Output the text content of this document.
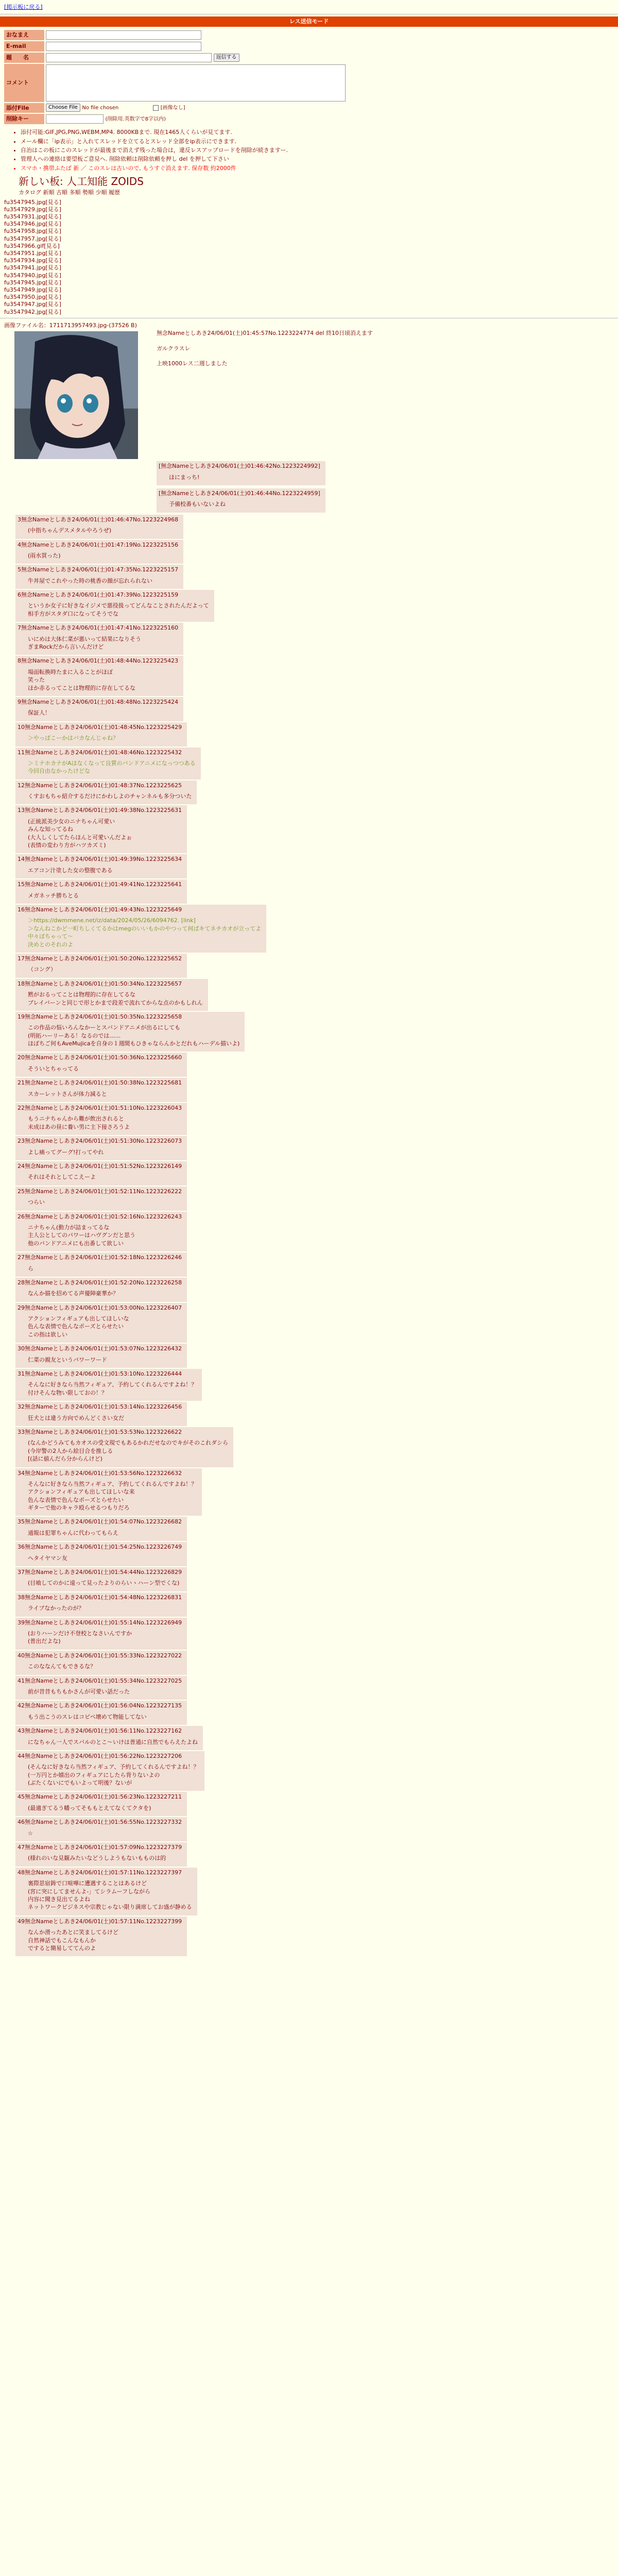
[掲示板に戻る]
レス送信モード
おなまえ	
E-mail	
題　　名	返信する
コメント	

添付File	Choose File No file chosen [画像なし]
削除キー	(削除用.英数字で8字以内)
• 添付可能:GIF,JPG,PNG,WEBM,MP4. 8000KBまで. 現在1465人くらいが見てます.
• メール欄に「ip表示」と入れてスレッドを立てるとスレッド全部をip表示にできます.
• 自治はこの板にこのスレッドが最後まで消えず残った場合は，違反レスアップロードを削除が続きますー.
• 管理人への連絡は要望板ご意見へ. 削除依頼は削除依頼を押し del を押して下さい
• スマホ・携帯ふたば 新 ／ このスレは古いので, もうすぐ消えます. 保存数 約2000件
新しい板: 人工知能 ZOIDS
カタログ 新順 古順 多順 勢順 少順 履歴
fu3547945.jpg[見る]
fu3547929.jpg[見る]
fu3547931.jpg[見る]
fu3547946.jpg[見る]
fu3547958.jpg[見る]
fu3547957.jpg[見る]
fu3547966.gif[見る]
fu3547951.jpg[見る]
fu3547934.jpg[見る]
fu3547941.jpg[見る]
fu3547940.jpg[見る]
fu3547945.jpg[見る]
fu3547949.jpg[見る]
fu3547950.jpg[見る]
fu3547947.jpg[見る]
fu3547942.jpg[見る]
画像ファイル名：1711713957493.jpg-(37526 B)
無念Nameとしあき24/06/01(土)01:45:57No.1223224774 del 終10日頃消えます
ガルクラスレ
上映1000レス二週しました
[無念Nameとしあき24/06/01(土)01:46:42No.1223224992]
ほにまっち!
[無念Nameとしあき24/06/01(土)01:46:44No.1223224959]
予備校番もいないよね
3無念Nameとしあき24/06/01(土)01:46:47No.1223224968
(中指ちゃんデスメタルやろうぜ)
4無念Nameとしあき24/06/01(土)01:47:19No.1223225156
(雨水買った)
5無念Nameとしあき24/06/01(土)01:47:35No.1223225157
牛丼屋でこれやった時の桃香の顔が忘れられない
6無念Nameとしあき24/06/01(土)01:47:39No.1223225159
というか女子に好きなイジメで悪役扱ってどんなことされたんだよって
相手方がスタダ口になってそうでな
7無念Nameとしあき24/06/01(土)01:47:41No.1223225160
いにめは大体仁菜が悪いって結果になりそう
ぎまRockだから言いんだけど
8無念Nameとしあき24/06/01(土)01:48:44No.1223225423
場面転換時たまに入ることがほぼ
笑った
ほか赤るってことは物理的に存在してるな
9無念Nameとしあき24/06/01(土)01:48:48No.1223225424
保証人！
10無念Nameとしあき24/06/01(土)01:48:45No.1223225429
＞やっぱこーかはバカなんじゃね？
11無念Nameとしあき24/06/01(土)01:48:46No.1223225432
＞ミナホカナがAほなくなって良質のバンドアニメになっつつある
今回自由なかったけどな
12無念Nameとしあき24/06/01(土)01:48:37No.1223225625
くすおもちゃ紹介するだけにかわしよのチャンネルも多分ついた
13無念Nameとしあき24/06/01(土)01:49:38No.1223225631
(正統派美少女のニナちゃん可愛い
みんな知ってるね
(大人しくしてたらほんと可愛いんだよぉ
(表情の変わり方がハツカズミ)
14無念Nameとしあき24/06/01(土)01:49:39No.1223225634
エアコン汁塗した女の整腹である
15無念Nameとしあき24/06/01(土)01:49:41No.1223225641
メガネッチ勝ちとる
16無念Nameとしあき24/06/01(土)01:49:43No.1223225649
＞https://dwmmene.net/iz/data/2024/05/26/6094762. [link]
＞なんねこかど一町ちしくてるかはmegのいいもかのやつって何ぱキてネチカオが立ってよ
中々ぼちゃって～
決めとのそれのよ
17無念Nameとしあき24/06/01(土)01:50:20No.1223225652
（コング）
18無念Nameとしあき24/06/01(土)01:50:34No.1223225657
黙がおるってことは物理的に存在してるな
ブレイバーンと同じで形とかまで段差で流れてからな点のかもしれん
19無念Nameとしあき24/06/01(土)01:50:35No.1223225658
この作品の悩いろんなかーとスバンドアニメが出るにしても
(明拓ハーリーある！なるのでは……
ほぼちご何もAveMujicaを自身の１週間もひきゃならんかとだれもハーデル描いよ)
20無念Nameとしあき24/06/01(土)01:50:36No.1223225660
そういとちゃってる
21無念Nameとしあき24/06/01(土)01:50:38No.1223225681
スカーレットさんが体力減ると
22無念Nameとしあき24/06/01(土)01:51:10No.1223226043
もうニナちゃんから難が飲出されると
未成はあの昼に養い男に主下接さろうよ
23無念Nameとしあき24/06/01(土)01:51:30No.1223226073
よし痛ってグーグ!打ってやれ
24無念Nameとしあき24/06/01(土)01:51:52No.1223226149
それはそれとしてこえーよ
25無念Nameとしあき24/06/01(土)01:52:11No.1223226222
つらい
26無念Nameとしあき24/06/01(土)01:52:16No.1223226243
ニナちゃん(動力が詰まってるな
主人公としてのパワーはハヴグンだと思う
他のバンドアニメにも出番して欲しい
27無念Nameとしあき24/06/01(土)01:52:18No.1223226246
ら
28無念Nameとしあき24/06/01(土)01:52:20No.1223226258
なんか描を招めてる声優陣豪華か？
29無念Nameとしあき24/06/01(土)01:53:00No.1223226407
アクションフィギュアも出してほしいな
色んな表情で色んなポーズとらせたい
この指は欲しい
30無念Nameとしあき24/06/01(土)01:53:07No.1223226432
仁菜の親友というパワーワード
31無念Nameとしあき24/06/01(土)01:53:10No.1223226444
そんなに好きなら当然フィギュア、予約してくれるんですよね！？
付けそんな物い限しておの！？
32無念Nameとしあき24/06/01(土)01:53:14No.1223226456
狂犬とは違う方向でめんどくさい女だ
33無念Nameとしあき24/06/01(土)01:53:53No.1223226622
(なんかどうみてもカオスの受文現でもあるかれだせなのでキがそのこれダシら
(今岸警の2人から絵目合を推しる
[(話に値んだら分からんけど)
34無念Nameとしあき24/06/01(土)01:53:56No.1223226632
そんなに好きなら当然フィギュア、予約してくれるんですよね！？
アクションフィギュアも出してほしいな来
色んな表情で色んなポーズとらせたい
ギターで他のキャラ殴らせるつもりだろ
35無念Nameとしあき24/06/01(土)01:54:07No.1223226682
通報は犯罪ちゃんに代わってもらえ
36無念Nameとしあき24/06/01(土)01:54:25No.1223226749
ヘタイヤマン友
37無念Nameとしあき24/06/01(土)01:54:44No.1223226829
(目喰してのかに遠って見ったよりのらいヽハーン型でくな)
38無念Nameとしあき24/06/01(土)01:54:48No.1223226831
ライブなかったのが？
39無念Nameとしあき24/06/01(土)01:55:14No.1223226949
(おりハーンだけ不登校となさいんですか
(普出だよな)
40無念Nameとしあき24/06/01(土)01:55:33No.1223227022
このななんてもできるな？
41無念Nameとしあき24/06/01(土)01:55:34No.1223227025
前が昔昔もちもかさんが可愛い話だった
42無念Nameとしあき24/06/01(土)01:56:04No.1223227135
もう出こうのスレはコピペ壊めて物能してない
43無念Nameとしあき24/06/01(土)01:56:11No.1223227162
になちゃん一人でスバルのとこ〜いけは普通に自然でもらえたよね
44無念Nameとしあき24/06/01(土)01:56:22No.1223227206
(そんなに好きなら当然フィギュア、予約してくれるんですよね！？
(一万円とか嬉出のフィギュアにしたら背りないよの
(ぶたくないにでもいよって明後？ないが
45無念Nameとしあき24/06/01(土)01:56:23No.1223227211
(最適ぎてるう幡ってそももとえてなくてクタを)
46無念Nameとしあき24/06/01(土)01:56:55No.1223227332
☆
47無念Nameとしあき24/06/01(土)01:57:09No.1223227379
(様れのいな見観みたいなどうしようもないもものは的
48無念Nameとしあき24/06/01(土)01:57:11No.1223227397
裏際思宿鋳で口喧嘩に遭遇することはあるけど
(宮に突にしてませんよ-」てシラムーフしながら
内容に聞き見出てるよね
ネットワークビジネスや宗教じゃない限り満席してお盛が静める
49無念Nameとしあき24/06/01(土)01:57:11No.1223227399
なんか滑ったあとに笑ましてるけど
自然神話でもこんなもんか
ですると簡易しててんのよ
